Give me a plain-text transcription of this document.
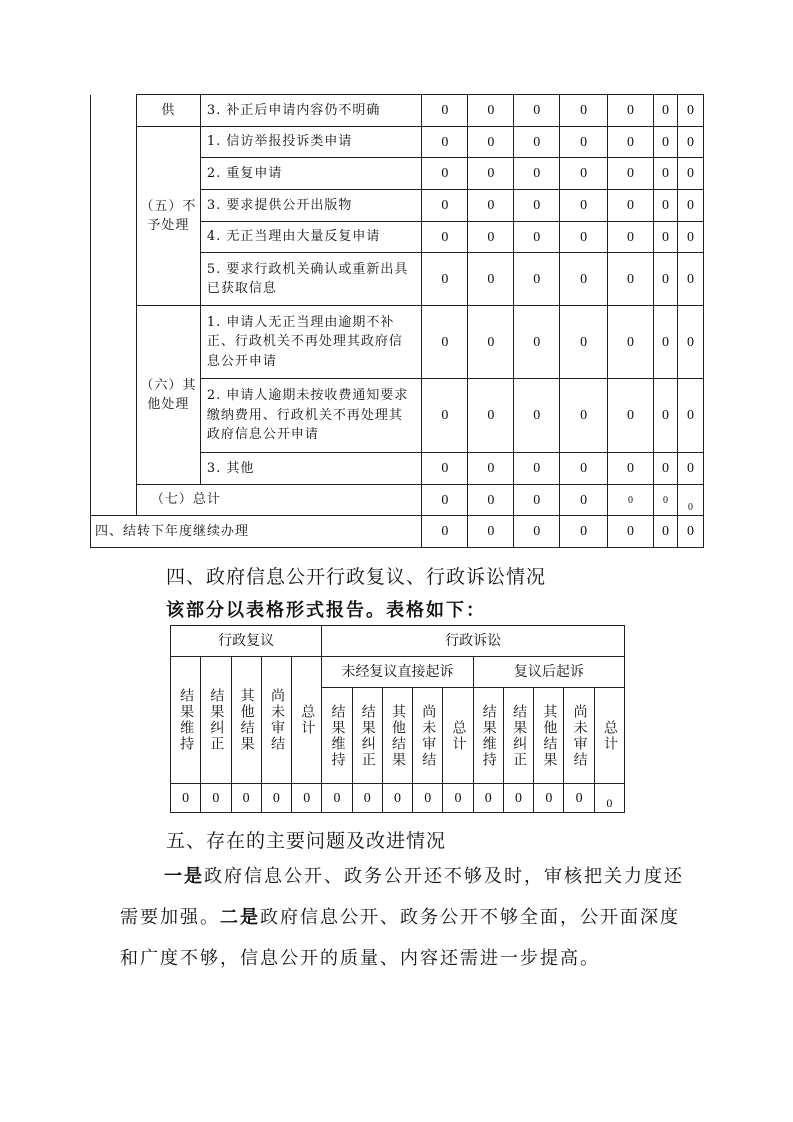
	供	3. 补正后申请内容仍不明确	0	0	0	0	0	0	0
	（五）不予处理	1. 信访举报投诉类申请	0	0	0	0	0	0	0
		2. 重复申请	0	0	0	0	0	0	0
		3. 要求提供公开出版物	0	0	0	0	0	0	0
		4. 无正当理由大量反复申请	0	0	0	0	0	0	0
		5. 要求行政机关确认或重新出具已获取信息	0	0	0	0	0	0	0
	（六）其他处理	1. 申请人无正当理由逾期不补正、行政机关不再处理其政府信息公开申请	0	0	0	0	0	0	0
		2. 申请人逾期未按收费通知要求缴纳费用、行政机关不再处理其政府信息公开申请	0	0	0	0	0	0	0
		3. 其他	0	0	0	0	0	0	0
	（七）总计		0	0	0	0	0	0	0
四、结转下年度继续办理			0	0	0	0	0	0	0
四、政府信息公开行政复议、行政诉讼情况
该部分以表格形式报告。表格如下：
行政复议					行政诉讼									
结果维持	结果纠正	其他结果	尚未审结	总计	未经复议直接起诉					复议后起诉				
					结果维持	结果纠正	其他结果	尚未审结	总计	结果维持	结果纠正	其他结果	尚未审结	总计
0	0	0	0	0	0	0	0	0	0	0	0	0	0	0
五、存在的主要问题及改进情况
一是政府信息公开、政务公开还不够及时，审核把关力度还需要加强。二是政府信息公开、政务公开不够全面，公开面深度和广度不够，信息公开的质量、内容还需进一步提高。
